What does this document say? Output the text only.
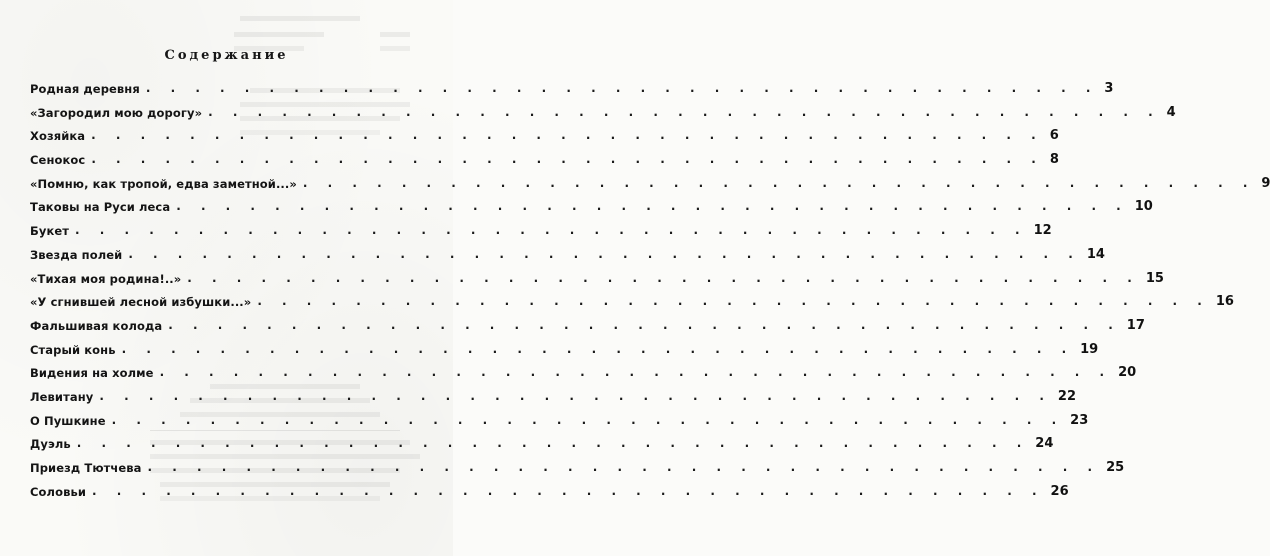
Содержание
Родная деревня . . . . . . . . . . . . . . . . . . . . . . . . . . . . . . . . . . . . . . . 3
«Загородил мою дорогу» . . . . . . . . . . . . . . . . . . . . . . . . . . . . . . . . . . . . . . . 4
Хозяйка . . . . . . . . . . . . . . . . . . . . . . . . . . . . . . . . . . . . . . . 6
Сенокос . . . . . . . . . . . . . . . . . . . . . . . . . . . . . . . . . . . . . . . 8
«Помню, как тропой, едва заметной...» . . . . . . . . . . . . . . . . . . . . . . . . . . . . . . . . . . . . . . . 9
Таковы на Руси леса . . . . . . . . . . . . . . . . . . . . . . . . . . . . . . . . . . . . . . . 10
Букет . . . . . . . . . . . . . . . . . . . . . . . . . . . . . . . . . . . . . . . 12
Звезда полей . . . . . . . . . . . . . . . . . . . . . . . . . . . . . . . . . . . . . . . 14
«Тихая моя родина!..» . . . . . . . . . . . . . . . . . . . . . . . . . . . . . . . . . . . . . . . 15
«У сгнившей лесной избушки...» . . . . . . . . . . . . . . . . . . . . . . . . . . . . . . . . . . . . . . . 16
Фальшивая колода . . . . . . . . . . . . . . . . . . . . . . . . . . . . . . . . . . . . . . . 17
Старый конь . . . . . . . . . . . . . . . . . . . . . . . . . . . . . . . . . . . . . . . 19
Видения на холме . . . . . . . . . . . . . . . . . . . . . . . . . . . . . . . . . . . . . . . 20
Левитану . . . . . . . . . . . . . . . . . . . . . . . . . . . . . . . . . . . . . . . 22
О Пушкине . . . . . . . . . . . . . . . . . . . . . . . . . . . . . . . . . . . . . . . 23
Дуэль . . . . . . . . . . . . . . . . . . . . . . . . . . . . . . . . . . . . . . . 24
Приезд Тютчева . . . . . . . . . . . . . . . . . . . . . . . . . . . . . . . . . . . . . . . 25
Соловьи . . . . . . . . . . . . . . . . . . . . . . . . . . . . . . . . . . . . . . . 26
